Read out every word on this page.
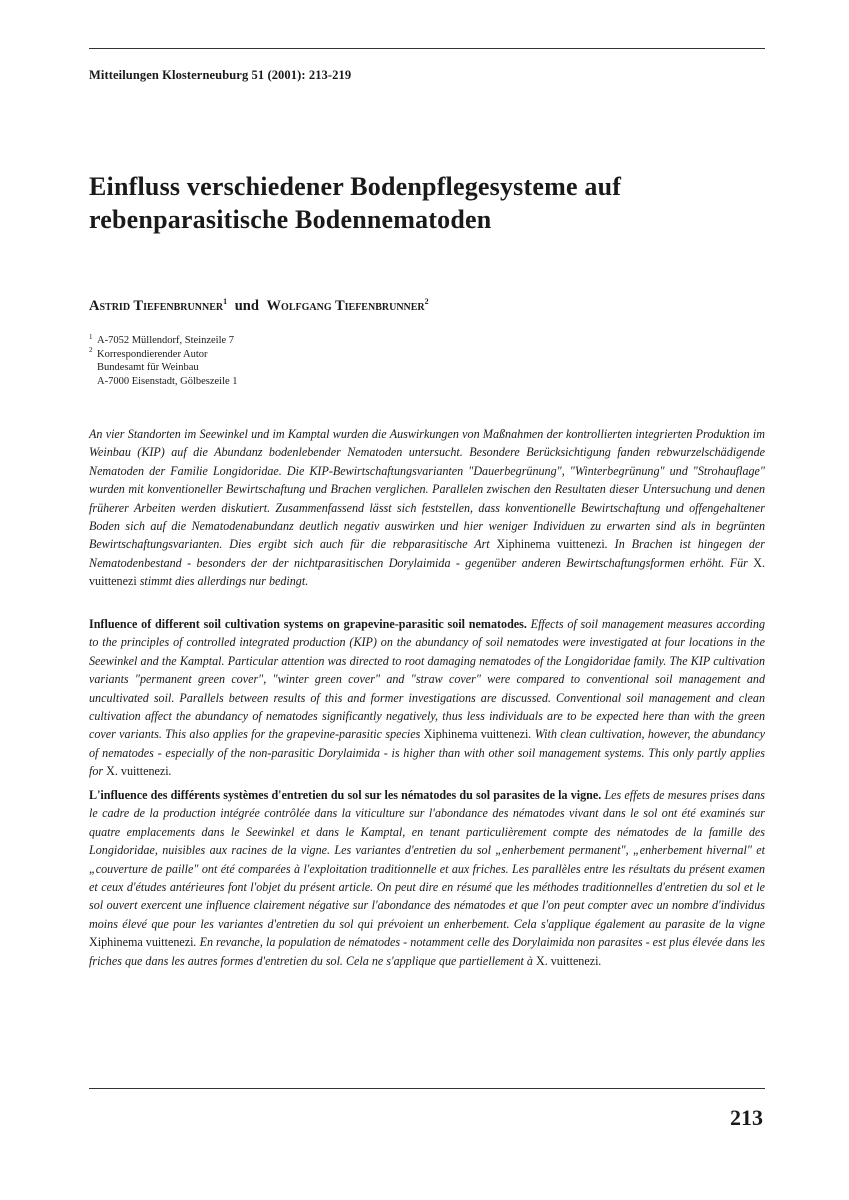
Mitteilungen Klosterneuburg 51 (2001): 213-219
Einfluss verschiedener Bodenpflegesysteme auf rebenparasitische Bodennematoden
Astrid Tiefenbrunner$^1$ und Wolfgang Tiefenbrunner$^2$
$^1$ A-7052 Müllendorf, Steinzeile 7
$^2$ Korrespondierender Autor
Bundesamt für Weinbau
A-7000 Eisenstadt, Gölbeszeile 1

An vier Standorten im Seewinkel und im Kamptal wurden die Auswirkungen von Maßnahmen der kontrollierten integrierten Produktion im Weinbau (KIP) auf die Abundanz bodenlebender Nematoden untersucht. Besondere Berücksichtigung fanden rebwurzelschädigende Nematoden der Familie Longidoridae. Die KIP-Bewirtschaftungsvarianten "Dauerbegrünung", "Winterbegrünung" und "Strohauflage" wurden mit konventioneller Bewirtschaftung und Brachen verglichen. Parallelen zwischen den Resultaten dieser Untersuchung und denen früherer Arbeiten werden diskutiert. Zusammenfassend lässt sich feststellen, dass konventionelle Bewirtschaftung und offengehaltener Boden sich auf die Nematodenabundanz deutlich negativ auswirken und hier weniger Individuen zu erwarten sind als in begrünten Bewirtschaftungsvarianten. Dies ergibt sich auch für die rebparasitische Art Xiphinema vuittenezi. In Brachen ist hingegen der Nematodenbestand - besonders der der nichtparasitischen Dorylaimida - gegenüber anderen Bewirtschaftungsformen erhöht. Für X. vuittenezi stimmt dies allerdings nur bedingt.

Influence of different soil cultivation systems on grapevine-parasitic soil nematodes. Effects of soil management measures according to the principles of controlled integrated production (KIP) on the abundancy of soil nematodes were investigated at four locations in the Seewinkel and the Kamptal. Particular attention was directed to root damaging nematodes of the Longidoridae family. The KIP cultivation variants "permanent green cover", "winter green cover" and "straw cover" were compared to conventional soil management and uncultivated soil. Parallels between results of this and former investigations are discussed. Conventional soil management and clean cultivation affect the abundancy of nematodes significantly negatively, thus less individuals are to be expected here than with the green cover variants. This also applies for the grapevine-parasitic species Xiphinema vuittenezi. With clean cultivation, however, the abundancy of nematodes - especially of the non-parasitic Dorylaimida - is higher than with other soil management systems. This only partly applies for X. vuittenezi.

L'influence des différents systèmes d'entretien du sol sur les nématodes du sol parasites de la vigne. Les effets de mesures prises dans le cadre de la production intégrée contrôlée dans la viticulture sur l'abondance des nématodes vivant dans le sol ont été examinés sur quatre emplacements dans le Seewinkel et dans le Kamptal, en tenant particulièrement compte des nématodes de la famille des Longidoridae, nuisibles aux racines de la vigne. Les variantes d'entretien du sol „enherbement permanent", „enherbement hivernal" et „couverture de paille" ont été comparées à l'exploitation traditionnelle et aux friches. Les parallèles entre les résultats du présent examen et ceux d'études antérieures font l'objet du présent article. On peut dire en résumé que les méthodes traditionnelles d'entretien du sol et le sol ouvert exercent une influence clairement négative sur l'abondance des nématodes et que l'on peut compter avec un nombre d'individus moins élevé que pour les variantes d'entretien du sol qui prévoient un enherbement. Cela s'applique également au parasite de la vigne Xiphinema vuittenezi. En revanche, la population de nématodes - notamment celle des Dorylaimida non parasites - est plus élevée dans les friches que dans les autres formes d'entretien du sol. Cela ne s'applique que partiellement à X. vuittenezi.

213
